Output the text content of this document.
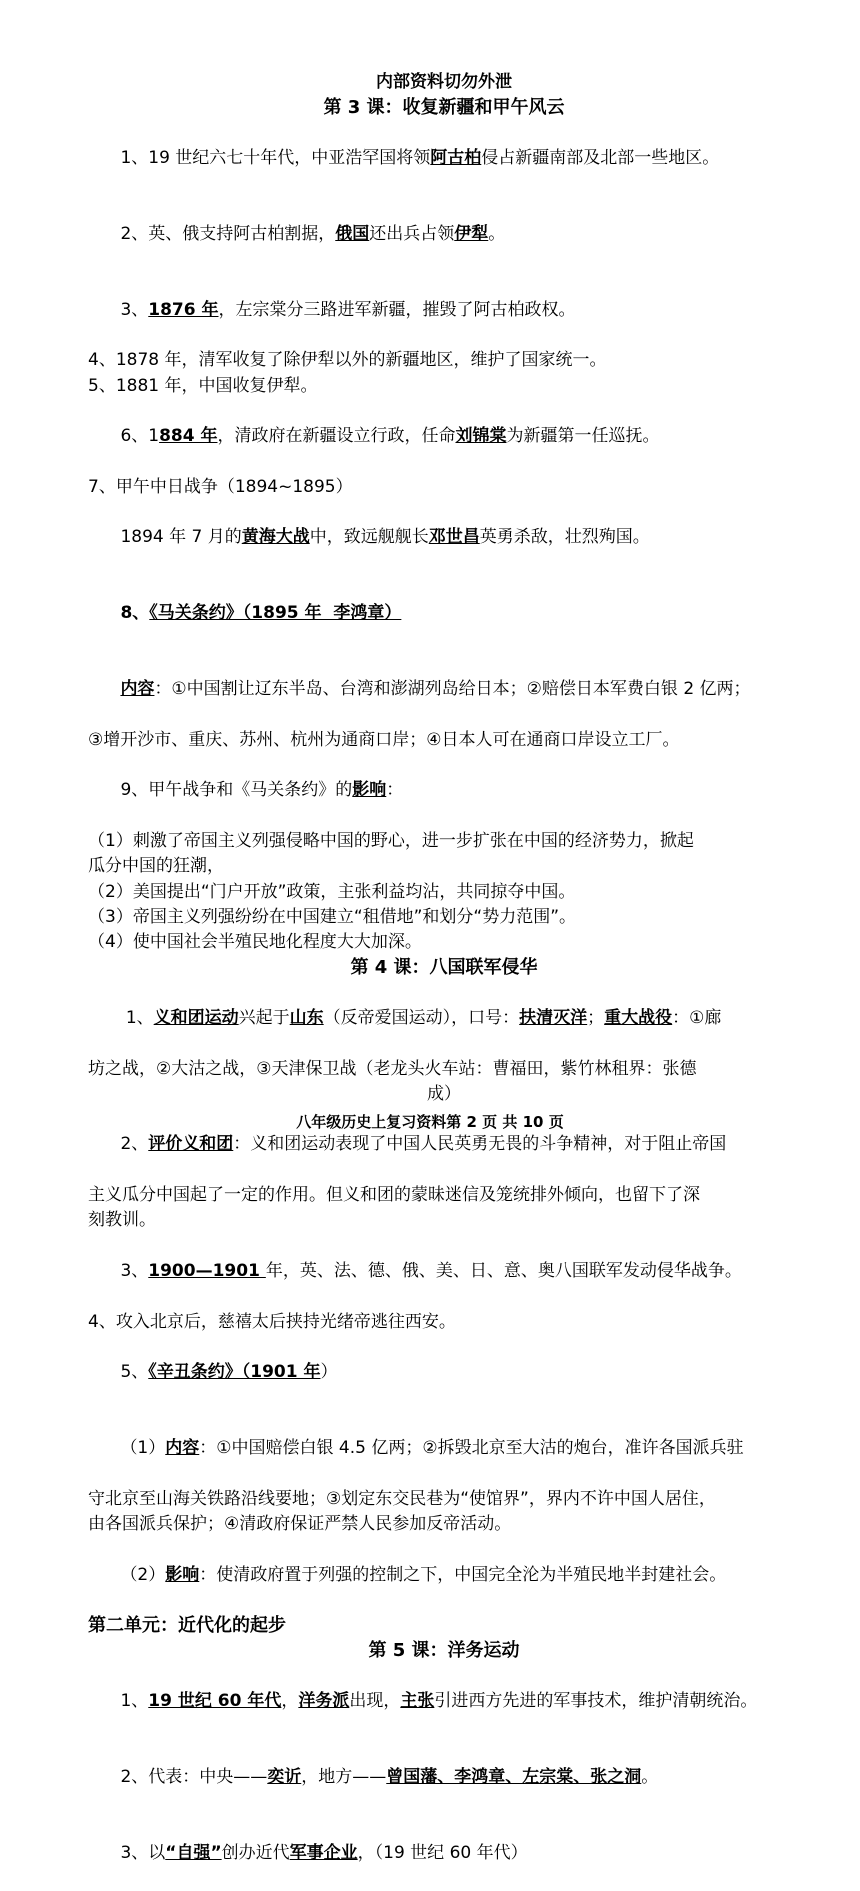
内部资料切勿外泄
第 3 课：收复新疆和甲午风云

1、19 世纪六七十年代，中亚浩罕国将领阿古柏侵占新疆南部及北部一些地区。

2、英、俄支持阿古柏割据，俄国还出兵占领伊犁。

3、1876 年，左宗棠分三路进军新疆，摧毁了阿古柏政权。

4、1878 年，清军收复了除伊犁以外的新疆地区，维护了国家统一。
5、1881 年，中国收复伊犁。

6、1884 年，清政府在新疆设立行政，任命刘锦棠为新疆第一任巡抚。

7、甲午中日战争（1894~1895）

1894 年 7 月的黄海大战中，致远舰舰长邓世昌英勇杀敌，壮烈殉国。

8、《马关条约》（1895 年  李鸿章）

内容：①中国割让辽东半岛、台湾和澎湖列岛给日本；②赔偿日本军费白银 2 亿两；

③增开沙市、重庆、苏州、杭州为通商口岸；④日本人可在通商口岸设立工厂。

9、甲午战争和《马关条约》的影响：

（1）刺激了帝国主义列强侵略中国的野心，进一步扩张在中国的经济势力，掀起
瓜分中国的狂潮，
（2）美国提出“门户开放”政策，主张利益均沾，共同掠夺中国。
（3）帝国主义列强纷纷在中国建立“租借地”和划分“势力范围”。
（4）使中国社会半殖民地化程度大大加深。
第 4 课：八国联军侵华

1、义和团运动兴起于山东（反帝爱国运动），口号：扶清灭洋；重大战役：①廊

坊之战，②大沽之战，③天津保卫战（老龙头火车站：曹福田，紫竹林租界：张德
成）

2、评价义和团：义和团运动表现了中国人民英勇无畏的斗争精神，对于阻止帝国

主义瓜分中国起了一定的作用。但义和团的蒙昧迷信及笼统排外倾向，也留下了深
刻教训。

3、1900—1901 年，英、法、德、俄、美、日、意、奥八国联军发动侵华战争。

4、攻入北京后，慈禧太后挟持光绪帝逃往西安。

5、《辛丑条约》（1901 年）

（1）内容：①中国赔偿白银 4.5 亿两；②拆毁北京至大沽的炮台，准许各国派兵驻

守北京至山海关铁路沿线要地；③划定东交民巷为“使馆界”，界内不许中国人居住，
由各国派兵保护；④清政府保证严禁人民参加反帝活动。

（2）影响：使清政府置于列强的控制之下，中国完全沦为半殖民地半封建社会。

第二单元：近代化的起步
第 5 课：洋务运动

1、19 世纪 60 年代，洋务派出现，主张引进西方先进的军事技术，维护清朝统治。

2、代表：中央——奕䜣，地方——曾国藩、李鸿章、左宗棠、张之洞。

3、以“自强”创办近代军事企业，（19 世纪 60 年代）

八年级历史上复习资料第 2 页 共 10 页
